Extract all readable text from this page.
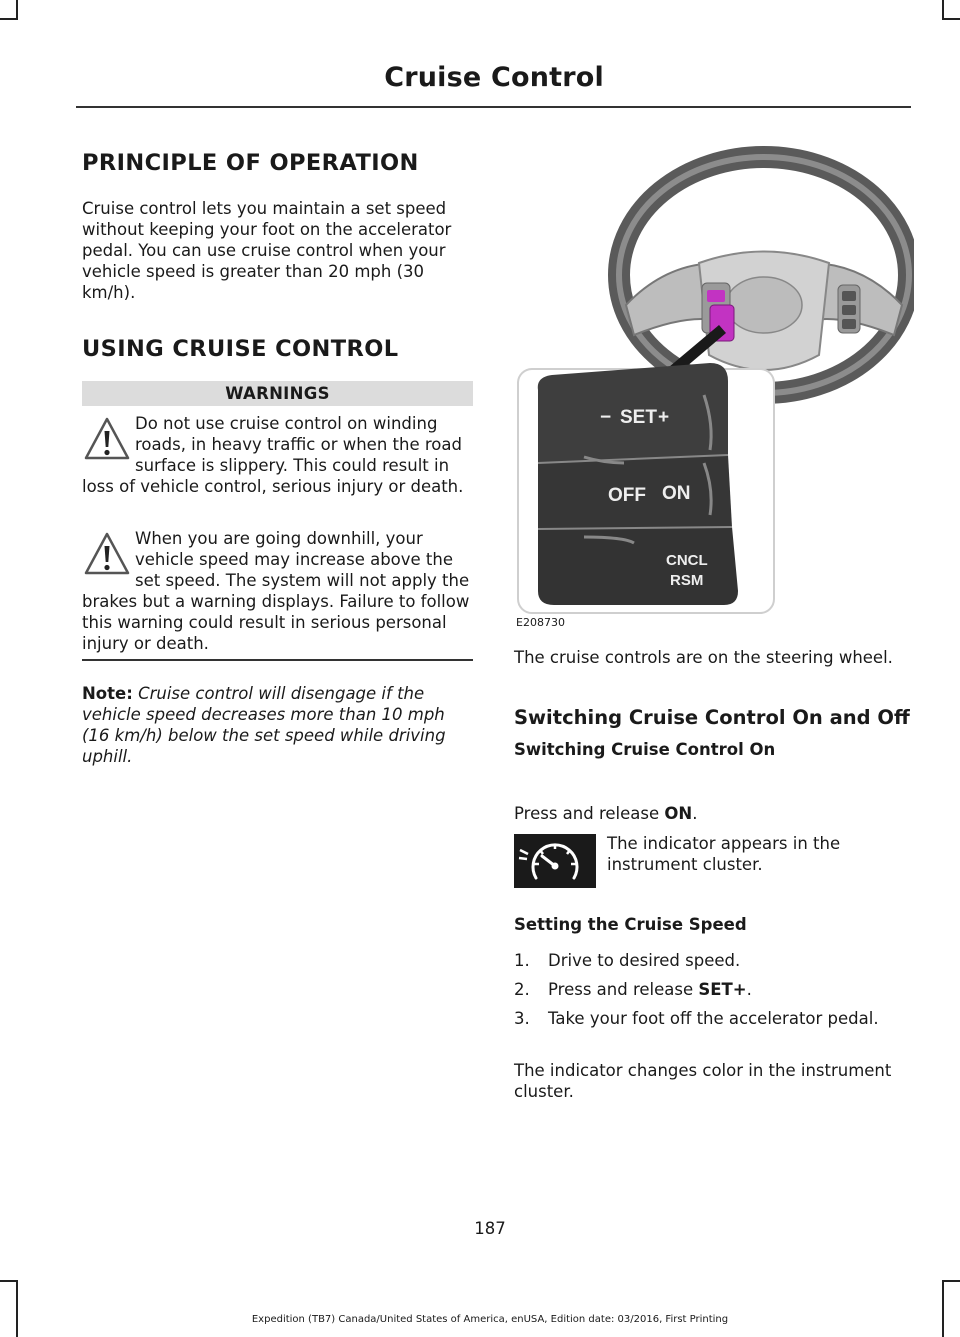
Cruise Control
PRINCIPLE OF OPERATION

Cruise control lets you maintain a set speed without keeping your foot on the accelerator pedal. You can use cruise control when your vehicle speed is greater than 20 mph (30 km/h).

USING CRUISE CONTROL
WARNINGS
Do not use cruise control on winding roads, in heavy traffic or when the road surface is slippery. This could result in loss of vehicle control, serious injury or death.
When you are going downhill, your vehicle speed may increase above the set speed. The system will not apply the brakes but a warning displays. Failure to follow this warning could result in serious personal injury or death.
Note: Cruise control will disengage if the vehicle speed decreases more than 10 mph (16 km/h) below the set speed while driving uphill.
− SET +
OFF ON
CNCL
RSM
E208730

The cruise controls are on the steering wheel.

Switching Cruise Control On and Off
Switching Cruise Control On

Press and release ON.

The indicator appears in the instrument cluster.

Setting the Cruise Speed
1. Drive to desired speed.
2. Press and release SET+.
3. Take your foot off the accelerator pedal.

The indicator changes color in the instrument cluster.

187
Expedition (TB7) Canada/United States of America, enUSA, Edition date: 03/2016, First Printing
